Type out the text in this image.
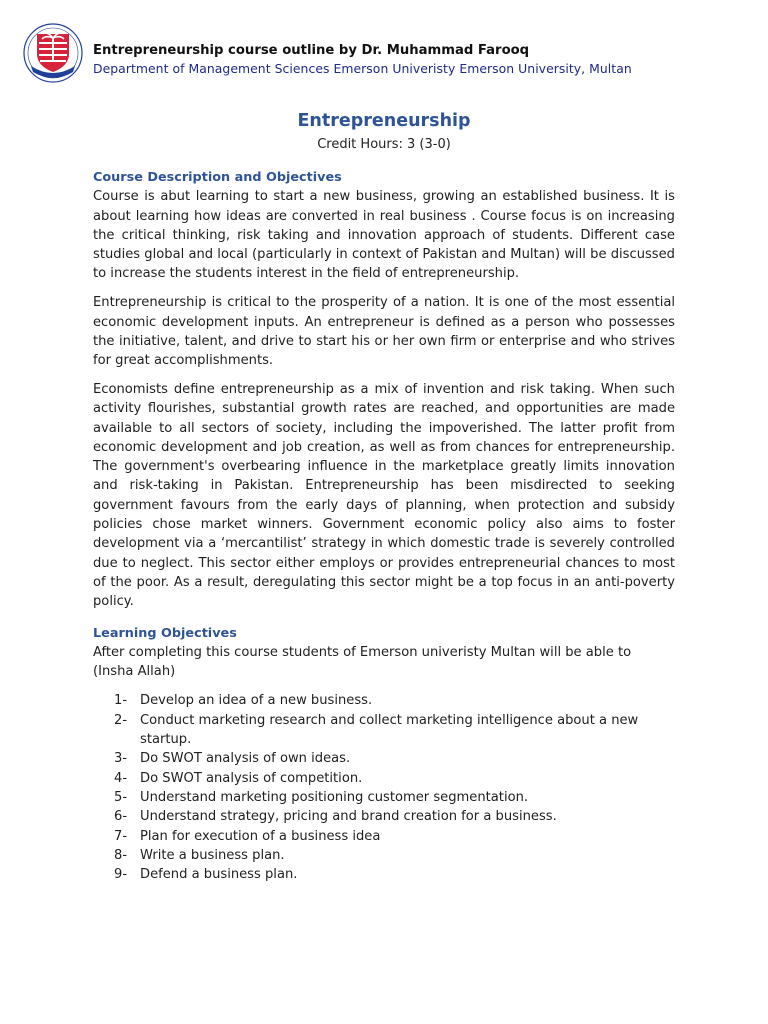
Entrepreneurship course outline by Dr. Muhammad Farooq
Department of Management Sciences Emerson Univeristy Emerson University, Multan
Entrepreneurship
Credit Hours: 3 (3-0)
Course Description and Objectives

Course is abut learning to start a new business, growing an established business. It is about learning how ideas are converted in real business . Course focus is on increasing the critical thinking, risk taking and innovation approach of students. Different case studies global and local (particularly in context of Pakistan and Multan) will be discussed to increase the students interest in the field of entrepreneurship.

Entrepreneurship is critical to the prosperity of a nation. It is one of the most essential economic development inputs. An entrepreneur is defined as a person who possesses the initiative, talent, and drive to start his or her own firm or enterprise and who strives for great accomplishments.

Economists define entrepreneurship as a mix of invention and risk taking. When such activity flourishes, substantial growth rates are reached, and opportunities are made available to all sectors of society, including the impoverished. The latter profit from economic development and job creation, as well as from chances for entrepreneurship. The government's overbearing influence in the marketplace greatly limits innovation and risk-taking in Pakistan. Entrepreneurship has been misdirected to seeking government favours from the early days of planning, when protection and subsidy policies chose market winners. Government economic policy also aims to foster development via a ‘mercantilist’ strategy in which domestic trade is severely controlled due to neglect. This sector either employs or provides entrepreneurial chances to most of the poor. As a result, deregulating this sector might be a top focus in an anti-poverty policy.

Learning Objectives

After completing this course students of Emerson univeristy Multan will be able to (Insha Allah)

1- Develop an idea of a new business.
2- Conduct marketing research and collect marketing intelligence about a new startup.
3- Do SWOT analysis of own ideas.
4- Do SWOT analysis of competition.
5- Understand marketing positioning customer segmentation.
6- Understand strategy, pricing and brand creation for a business.
7- Plan for execution of a business idea
8- Write a business plan.
9- Defend a business plan.
